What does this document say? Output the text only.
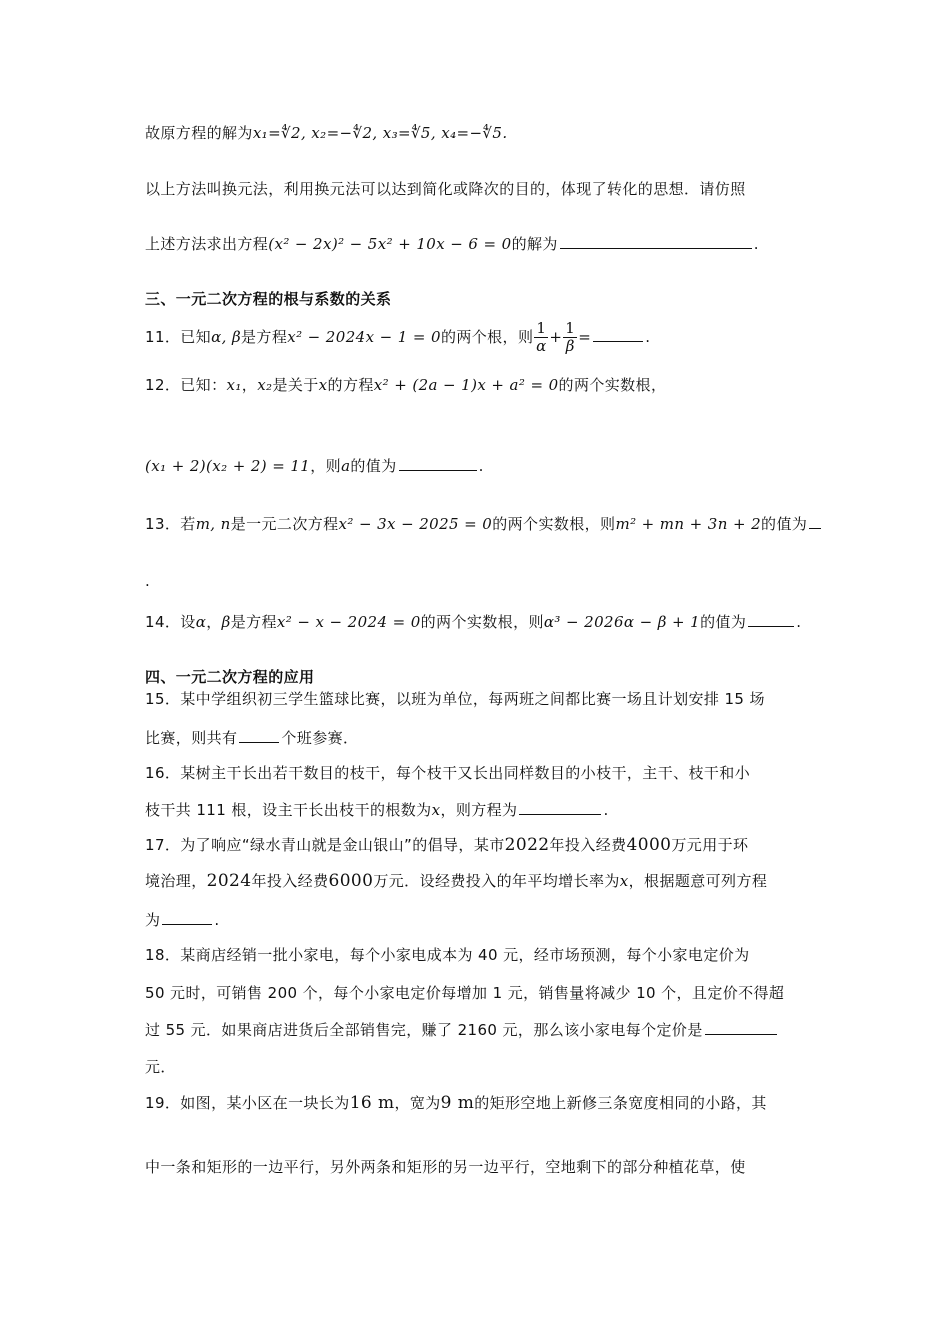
故原方程的解为x₁=∜2, x₂=−∜2, x₃=∜5, x₄=−∜5.
以上方法叫换元法，利用换元法可以达到简化或降次的目的，体现了转化的思想．请仿照
上述方法求出方程(x² − 2x)² − 5x² + 10x − 6 = 0的解为	.
三、一元二次方程的根与系数的关系
11．已知α, β是方程x² − 2024x − 1 = 0的两个根，则 $\frac{1}{\alpha} + \frac{1}{\beta}$ =	.
12．已知：x₁，x₂是关于x的方程x² + (2a − 1)x + a² = 0的两个实数根，
(x₁ + 2)(x₂ + 2) = 11，则a的值为	.
13．若m, n是一元二次方程x² − 3x − 2025 = 0的两个实数根，则m² + mn + 3n + 2的值为
.
14．设α，β是方程x² − x − 2024 = 0的两个实数根，则α³ − 2026α − β + 1的值为	.
四、一元二次方程的应用
15．某中学组织初三学生篮球比赛，以班为单位，每两班之间都比赛一场且计划安排 15 场
比赛，则共有	个班参赛．
16．某树主干长出若干数目的枝干，每个枝干又长出同样数目的小枝干，主干、枝干和小
枝干共 111 根，设主干长出枝干的根数为x，则方程为	.
17．为了响应“绿水青山就是金山银山”的倡导，某市2022年投入经费4000万元用于环
境治理，2024年投入经费6000万元．设经费投入的年平均增长率为x，根据题意可列方程
为	.
18．某商店经销一批小家电，每个小家电成本为 40 元，经市场预测，每个小家电定价为
50 元时，可销售 200 个，每个小家电定价每增加 1 元，销售量将减少 10 个，且定价不得超
过 55 元．如果商店进货后全部销售完，赚了 2160 元，那么该小家电每个定价是
元．
19．如图，某小区在一块长为16 m，宽为9 m的矩形空地上新修三条宽度相同的小路，其
中一条和矩形的一边平行，另外两条和矩形的另一边平行，空地剩下的部分种植花草，使
